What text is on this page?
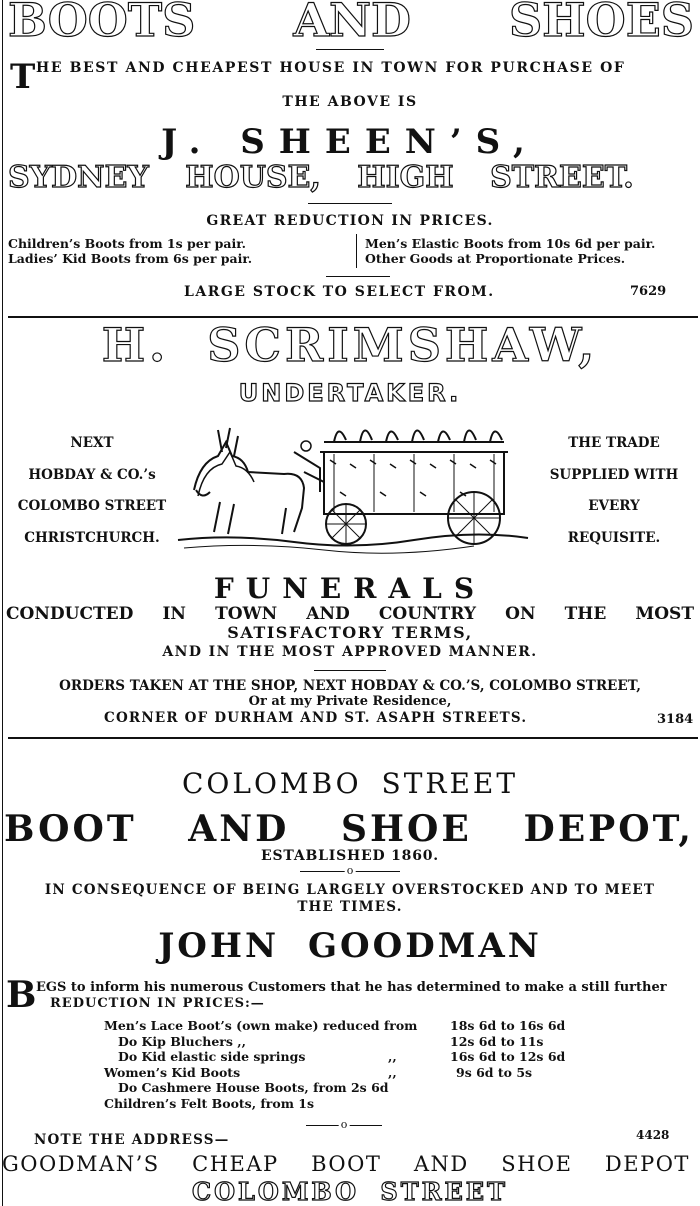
BOOTS AND SHOES
T HE BEST AND CHEAPEST HOUSE IN TOWN FOR PURCHASE OF
THE ABOVE IS
J. SHEEN’S,
SYDNEY HOUSE, HIGH STREET.
GREAT REDUCTION IN PRICES.
Children’s Boots from 1s per pair.
Ladies’ Kid Boots from 6s per pair.
Men’s Elastic Boots from 10s 6d per pair.
Other Goods at Proportionate Prices.
LARGE STOCK TO SELECT FROM.	7629
H. SCRIMSHAW,
UNDERTAKER.
NEXT
HOBDAY & CO.’s
COLOMBO STREET
CHRISTCHURCH.
THE TRADE
SUPPLIED WITH
EVERY
REQUISITE.
FUNERALS
CONDUCTED IN TOWN AND COUNTRY ON THE MOST
SATISFACTORY TERMS,
AND IN THE MOST APPROVED MANNER.
ORDERS TAKEN AT THE SHOP, NEXT HOBDAY & CO.’S, COLOMBO STREET,
Or at my Private Residence,
CORNER OF DURHAM AND ST. ASAPH STREETS.	3184
COLOMBO STREET
BOOT AND SHOE DEPOT,
ESTABLISHED 1860.
o
IN CONSEQUENCE OF BEING LARGELY OVERSTOCKED AND TO MEET
THE TIMES.
JOHN GOODMAN
B EGS to inform his numerous Customers that he has determined to make a still further
REDUCTION IN PRICES:—
Men’s Lace Boot’s (own make) reduced from	18s 6d to 16s 6d
Do Kip Bluchers ,,	12s 6d to 11s
Do Kid elastic side springs	,,	16s 6d to 12s 6d
Women’s Kid Boots	,,	9s 6d to 5s
Do Cashmere House Boots, from 2s 6d
Children’s Felt Boots, from 1s
o
NOTE THE ADDRESS—	4428
GOODMAN’S CHEAP BOOT AND SHOE DEPOT
COLOMBO STREET
